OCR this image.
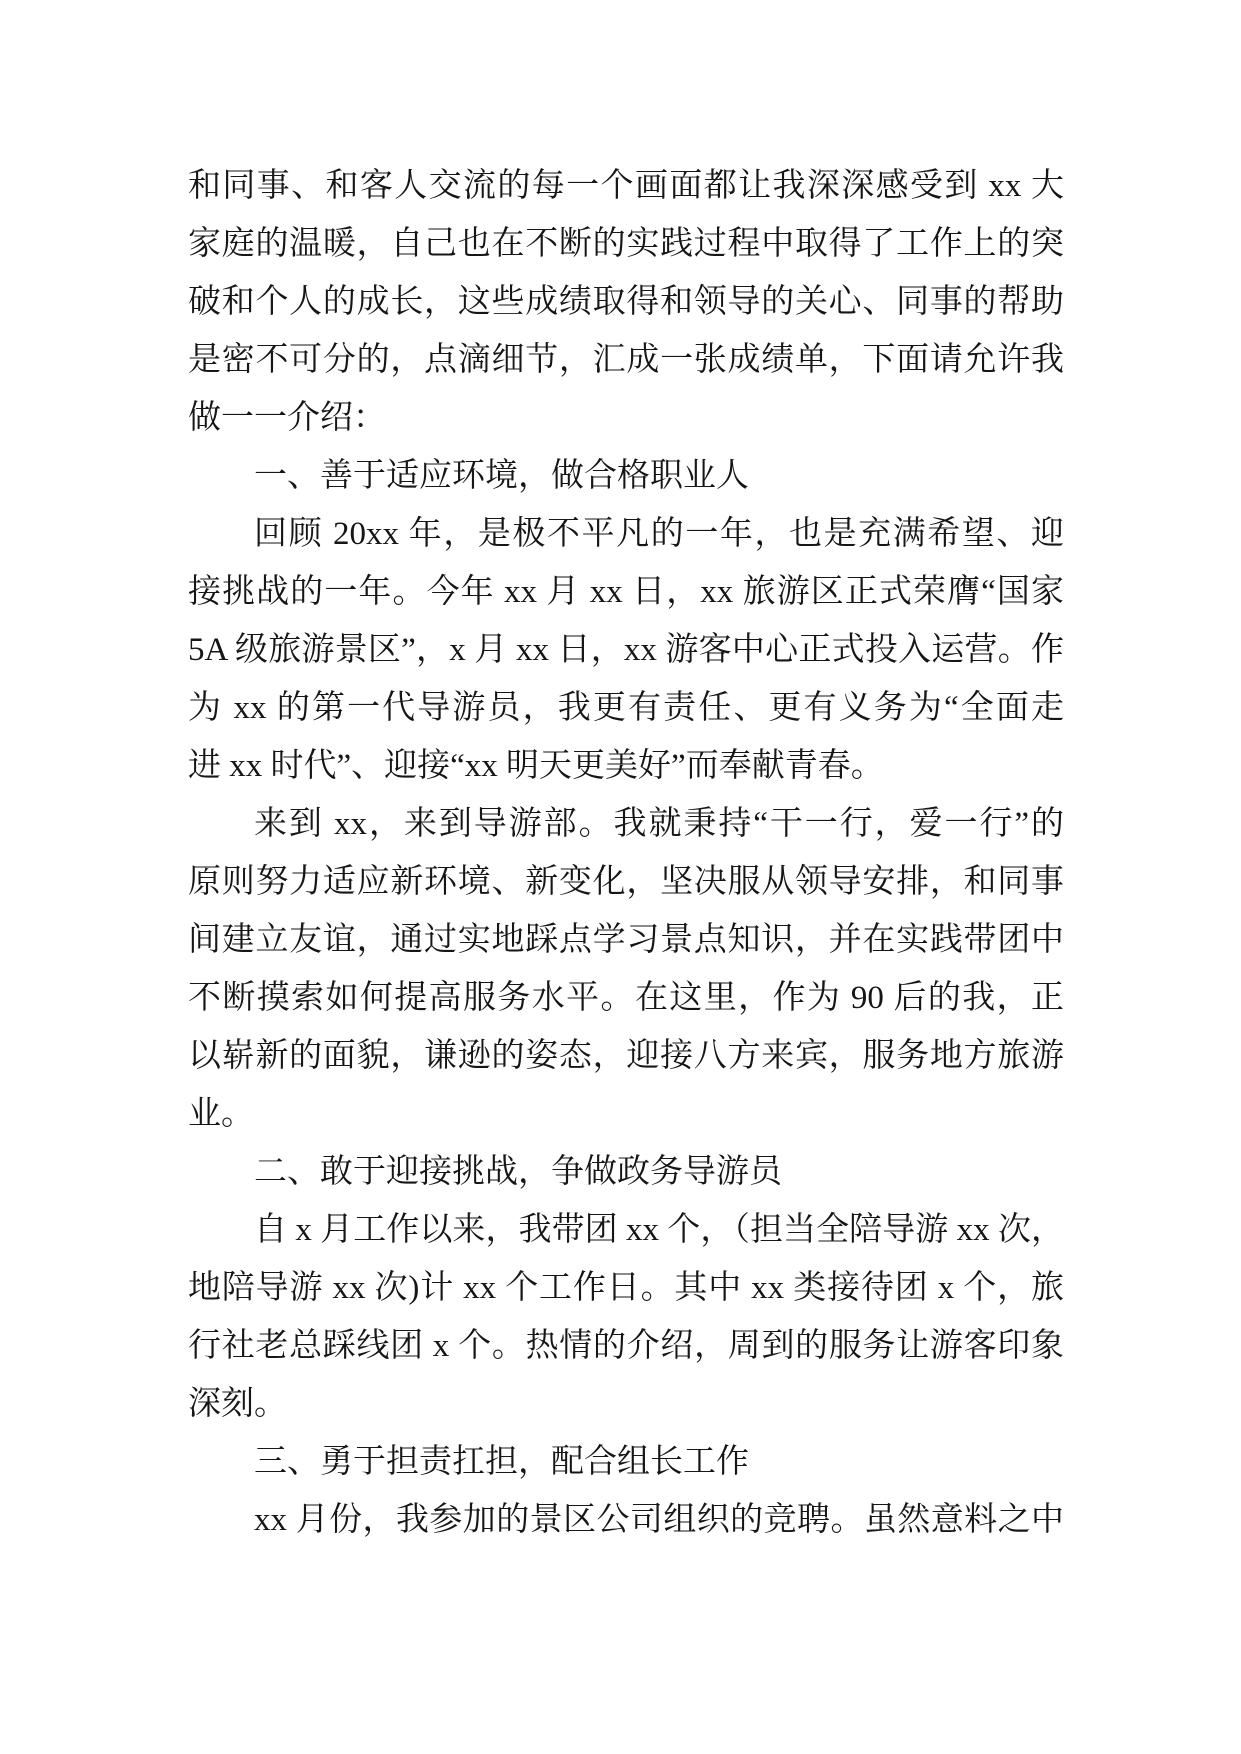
和同事、和客人交流的每一个画面都让我深深感受到 xx 大
家庭的温暖，自己也在不断的实践过程中取得了工作上的突
破和个人的成长，这些成绩取得和领导的关心、同事的帮助
是密不可分的，点滴细节，汇成一张成绩单，下面请允许我
做一一介绍：
一、善于适应环境，做合格职业人
回顾 20xx 年，是极不平凡的一年，也是充满希望、迎
接挑战的一年。今年 xx 月 xx 日，xx 旅游区正式荣膺“国家
5A 级旅游景区”，x 月 xx 日，xx 游客中心正式投入运营。作
为 xx 的第一代导游员，我更有责任、更有义务为“全面走
进 xx 时代”、迎接“xx 明天更美好”而奉献青春。
来到 xx，来到导游部。我就秉持“干一行，爱一行”的
原则努力适应新环境、新变化，坚决服从领导安排，和同事
间建立友谊，通过实地踩点学习景点知识，并在实践带团中
不断摸索如何提高服务水平。在这里，作为 90 后的我，正
以崭新的面貌，谦逊的姿态，迎接八方来宾，服务地方旅游
业。
二、敢于迎接挑战，争做政务导游员
自 x 月工作以来，我带团 xx 个，（担当全陪导游 xx 次，
地陪导游 xx 次)计 xx 个工作日。其中 xx 类接待团 x 个，旅
行社老总踩线团 x 个。热情的介绍，周到的服务让游客印象
深刻。
三、勇于担责扛担，配合组长工作
xx 月份，我参加的景区公司组织的竞聘。虽然意料之中
